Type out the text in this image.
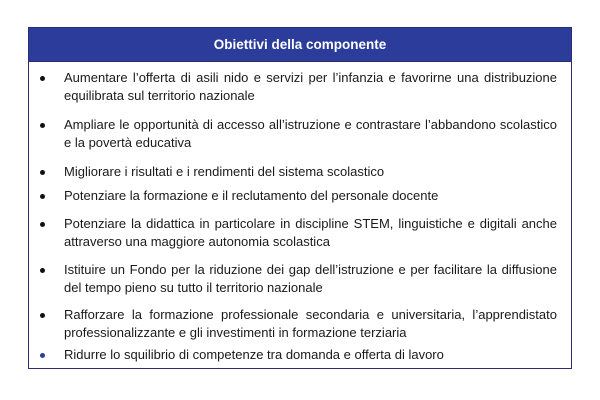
Obiettivi della componente
Aumentare l’offerta di asili nido e servizi per l’infanzia e favorirne una distribuzione equilibrata sul territorio nazionale
Ampliare le opportunità di accesso all’istruzione e contrastare l’abbandono scolastico e la povertà educativa
Migliorare i risultati e i rendimenti del sistema scolastico
Potenziare la formazione e il reclutamento del personale docente
Potenziare la didattica in particolare in discipline STEM, linguistiche e digitali anche attraverso una maggiore autonomia scolastica
Istituire un Fondo per la riduzione dei gap dell’istruzione e per facilitare la diffusione del tempo pieno su tutto il territorio nazionale
Rafforzare la formazione professionale secondaria e universitaria, l’apprendistato professionalizzante e gli investimenti in formazione terziaria
Ridurre lo squilibrio di competenze tra domanda e offerta di lavoro
